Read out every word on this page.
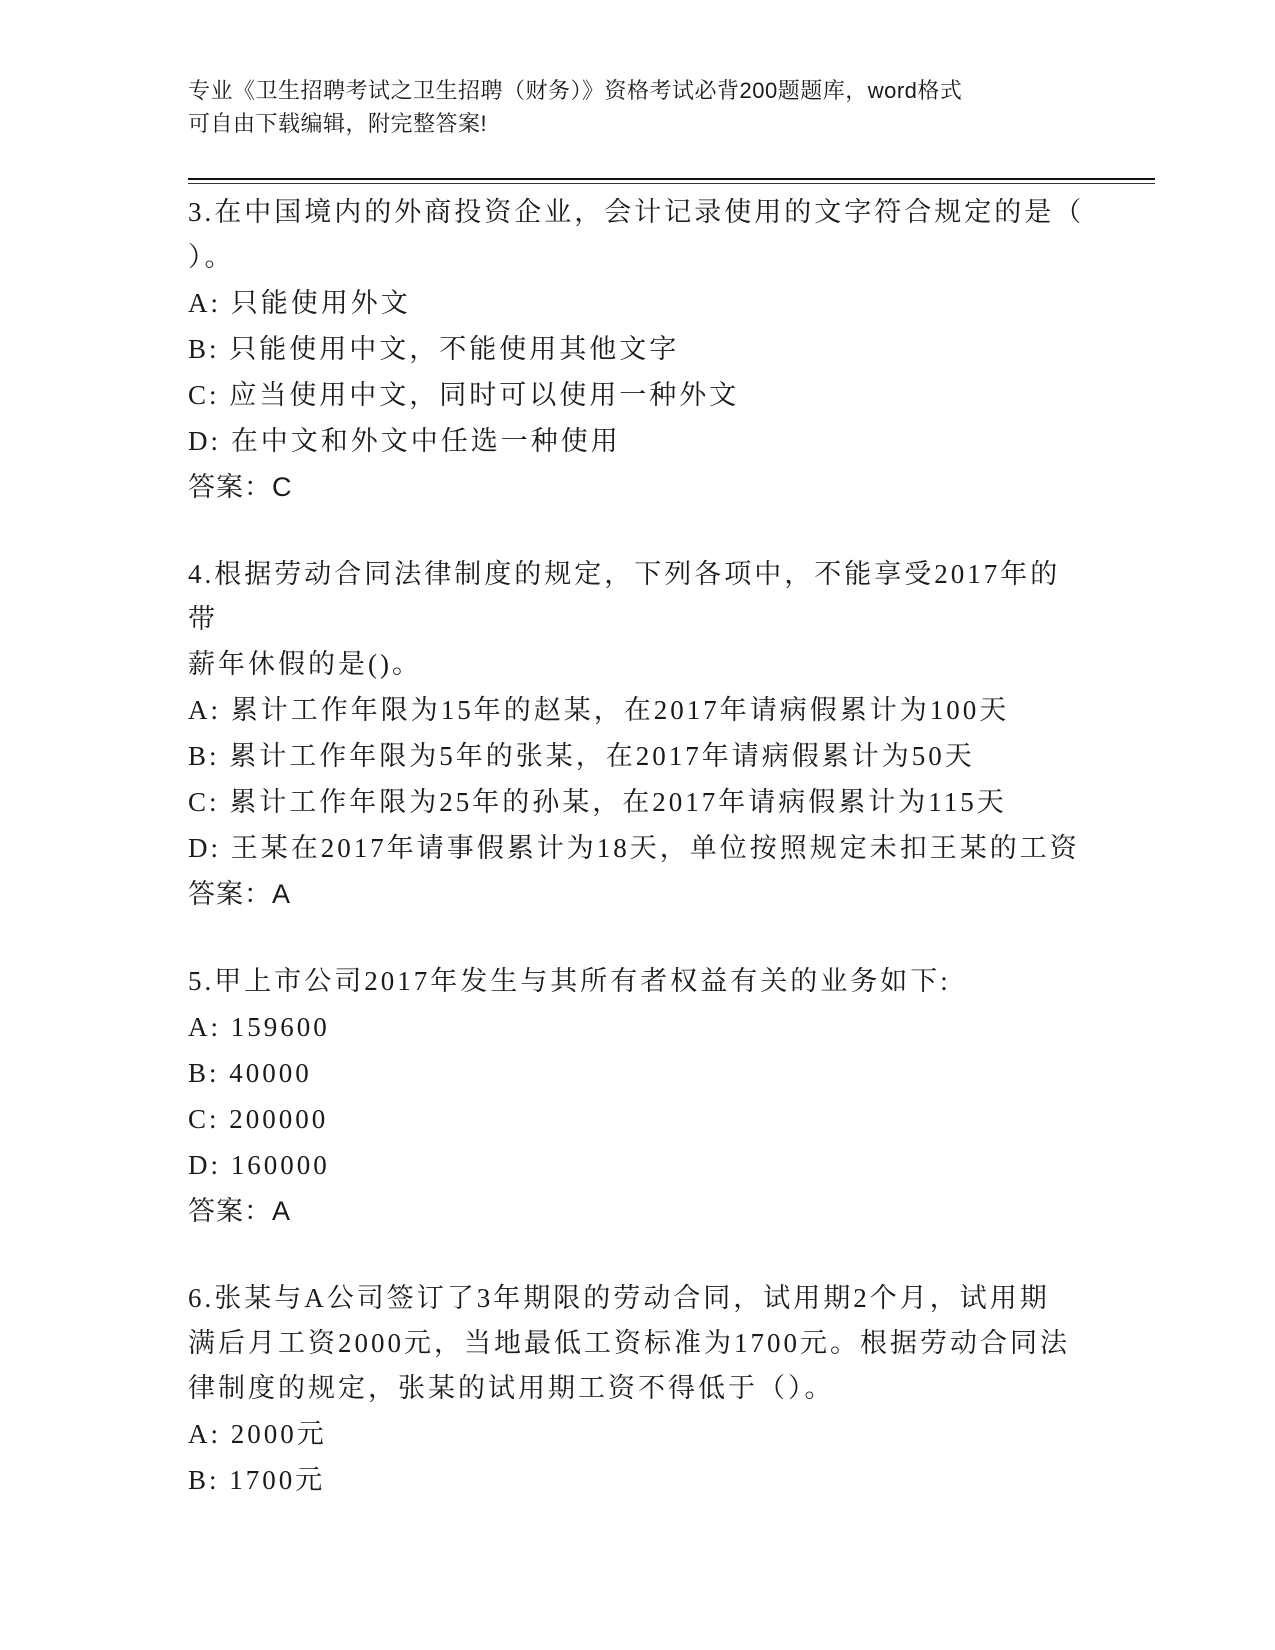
专业《卫生招聘考试之卫生招聘（财务）》资格考试必背200题题库，word格式
可自由下载编辑，附完整答案!
3.在中国境内的外商投资企业，会计记录使用的文字符合规定的是（
）。
A: 只能使用外文
B: 只能使用中文，不能使用其他文字
C: 应当使用中文，同时可以使用一种外文
D: 在中文和外文中任选一种使用
答案：C
4.根据劳动合同法律制度的规定，下列各项中，不能享受2017年的带
薪年休假的是()。
A: 累计工作年限为15年的赵某，在2017年请病假累计为100天
B: 累计工作年限为5年的张某，在2017年请病假累计为50天
C: 累计工作年限为25年的孙某，在2017年请病假累计为115天
D: 王某在2017年请事假累计为18天，单位按照规定未扣王某的工资
答案：A
5.甲上市公司2017年发生与其所有者权益有关的业务如下:
A: 159600
B: 40000
C: 200000
D: 160000
答案：A
6.张某与A公司签订了3年期限的劳动合同，试用期2个月，试用期
满后月工资2000元，当地最低工资标准为1700元。根据劳动合同法
律制度的规定，张某的试用期工资不得低于（）。
A: 2000元
B: 1700元
